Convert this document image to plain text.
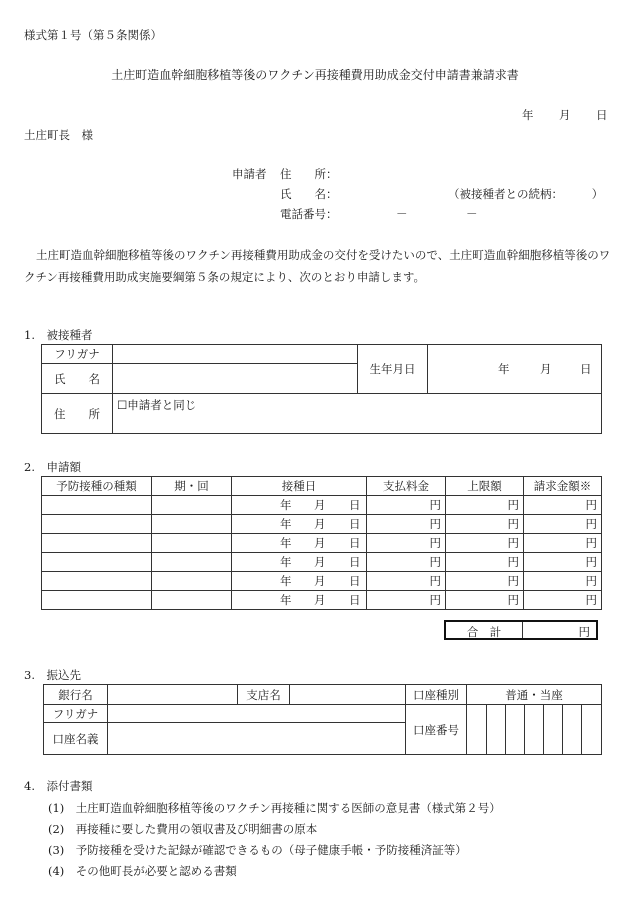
様式第１号（第５条関係）
土庄町造血幹細胞移植等後のワクチン再接種費用助成金交付申請書兼請求書
年 月 日
土庄町長　様
申請者 住　　所：
氏　　名：	（被接種者との続柄：　　　）
電話番号：	－	－
土庄町造血幹細胞移植等後のワクチン再接種費用助成金の交付を受けたいので、土庄町造血幹細胞移植等後のワクチン再接種費用助成実施要綱第５条の規定により、次のとおり申請します。
1.　被接種者
フリガナ		生年月日	年 月 日

氏　　名			
住　　所	☐申請者と同じ		
2.　申請額
予防接種の種類	期・回	接種日	支払料金	上限額	請求金額※

		年 月 日	円	円	円

		年 月 日	円	円	円

		年 月 日	円	円	円

		年 月 日	円	円	円

		年 月 日	円	円	円

		年 月 日	円	円	円
合　計	円
3.　振込先
銀行名		支店名		口座種別	普通・当座						
フリガナ				口座番号							
口座名義											
4.　添付書類
(1)　土庄町造血幹細胞移植等後のワクチン再接種に関する医師の意見書（様式第２号）
(2)　再接種に要した費用の領収書及び明細書の原本
(3)　予防接種を受けた記録が確認できるもの（母子健康手帳・予防接種済証等）
(4)　その他町長が必要と認める書類
